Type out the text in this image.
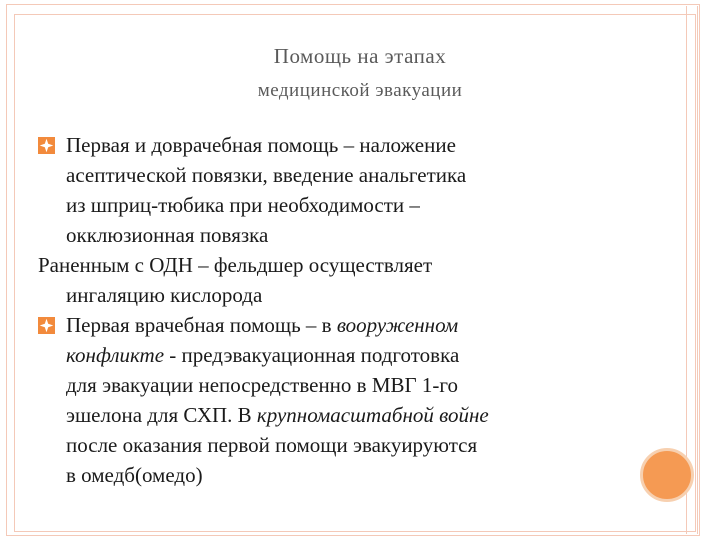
Помощь на этапах
медицинской эвакуации
Первая и доврачебная помощь – наложение
асептической повязки, введение анальгетика
из шприц-тюбика при необходимости –
окклюзионная повязка
Раненным с ОДН – фельдшер осуществляет
ингаляцию кислорода
Первая врачебная помощь – в вооруженном
конфликте - предэвакуационная подготовка
для эвакуации непосредственно в МВГ 1-го
эшелона для СХП. В крупномасштабной войне
после оказания первой помощи эвакуируются
в омедб(омедо)
